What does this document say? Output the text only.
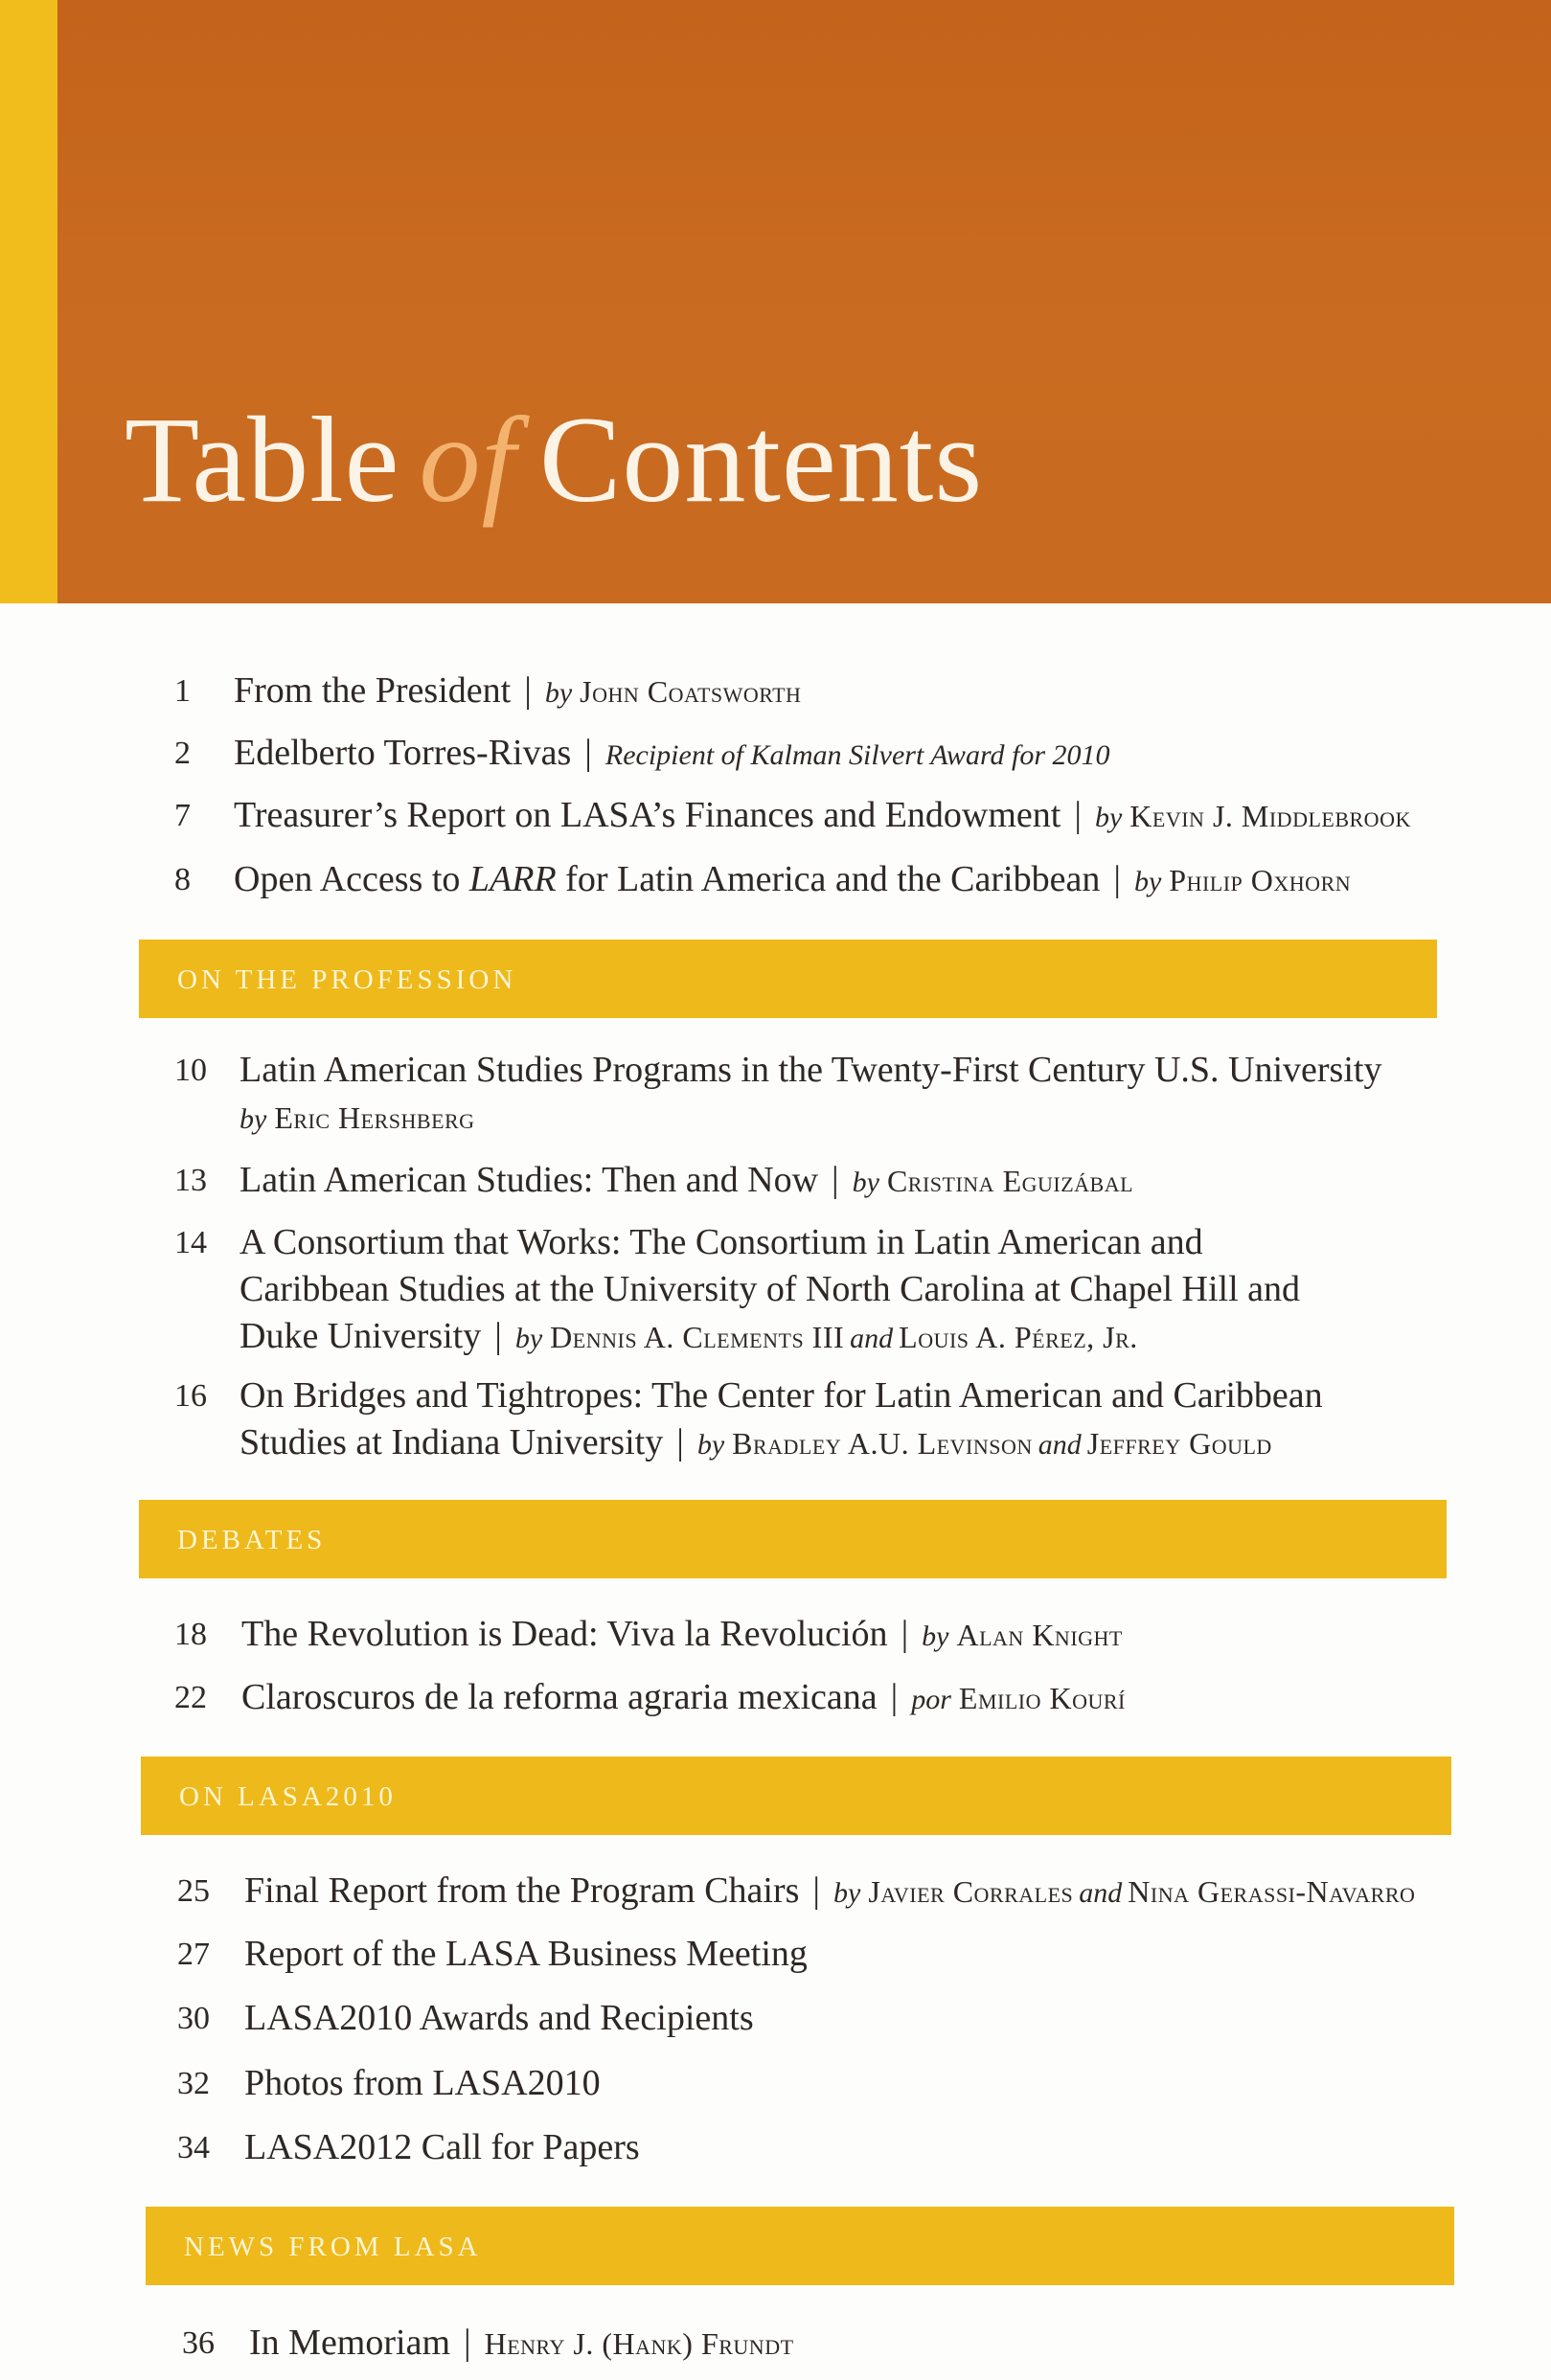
Table of Contents
1	From the President | by John Coatsworth
2	Edelberto Torres-Rivas | Recipient of Kalman Silvert Award for 2010
7	Treasurer’s Report on LASA’s Finances and Endowment | by Kevin J. Middlebrook
8	Open Access to LARR for Latin America and the Caribbean | by Philip Oxhorn
ON THE PROFESSION
10 Latin American Studies Programs in the Twenty-First Century U.S. University
by Eric Hershberg
13 Latin American Studies: Then and Now | by Cristina Eguizábal
14 A Consortium that Works: The Consortium in Latin American and
Caribbean Studies at the University of North Carolina at Chapel Hill and
Duke University | by Dennis A. Clements III and Louis A. Pérez, Jr.
16 On Bridges and Tightropes: The Center for Latin American and Caribbean
Studies at Indiana University | by Bradley A.U. Levinson and Jeffrey Gould
DEBATES
18 The Revolution is Dead: Viva la Revolución | by Alan Knight
22 Claroscuros de la reforma agraria mexicana | por Emilio Kourí
ON LASA2010
25 Final Report from the Program Chairs | by Javier Corrales and Nina Gerassi-Navarro
27 Report of the LASA Business Meeting
30 LASA2010 Awards and Recipients
32 Photos from LASA2010
34 LASA2012 Call for Papers
NEWS FROM LASA
36 In Memoriam | Henry J. (Hank) Frundt
